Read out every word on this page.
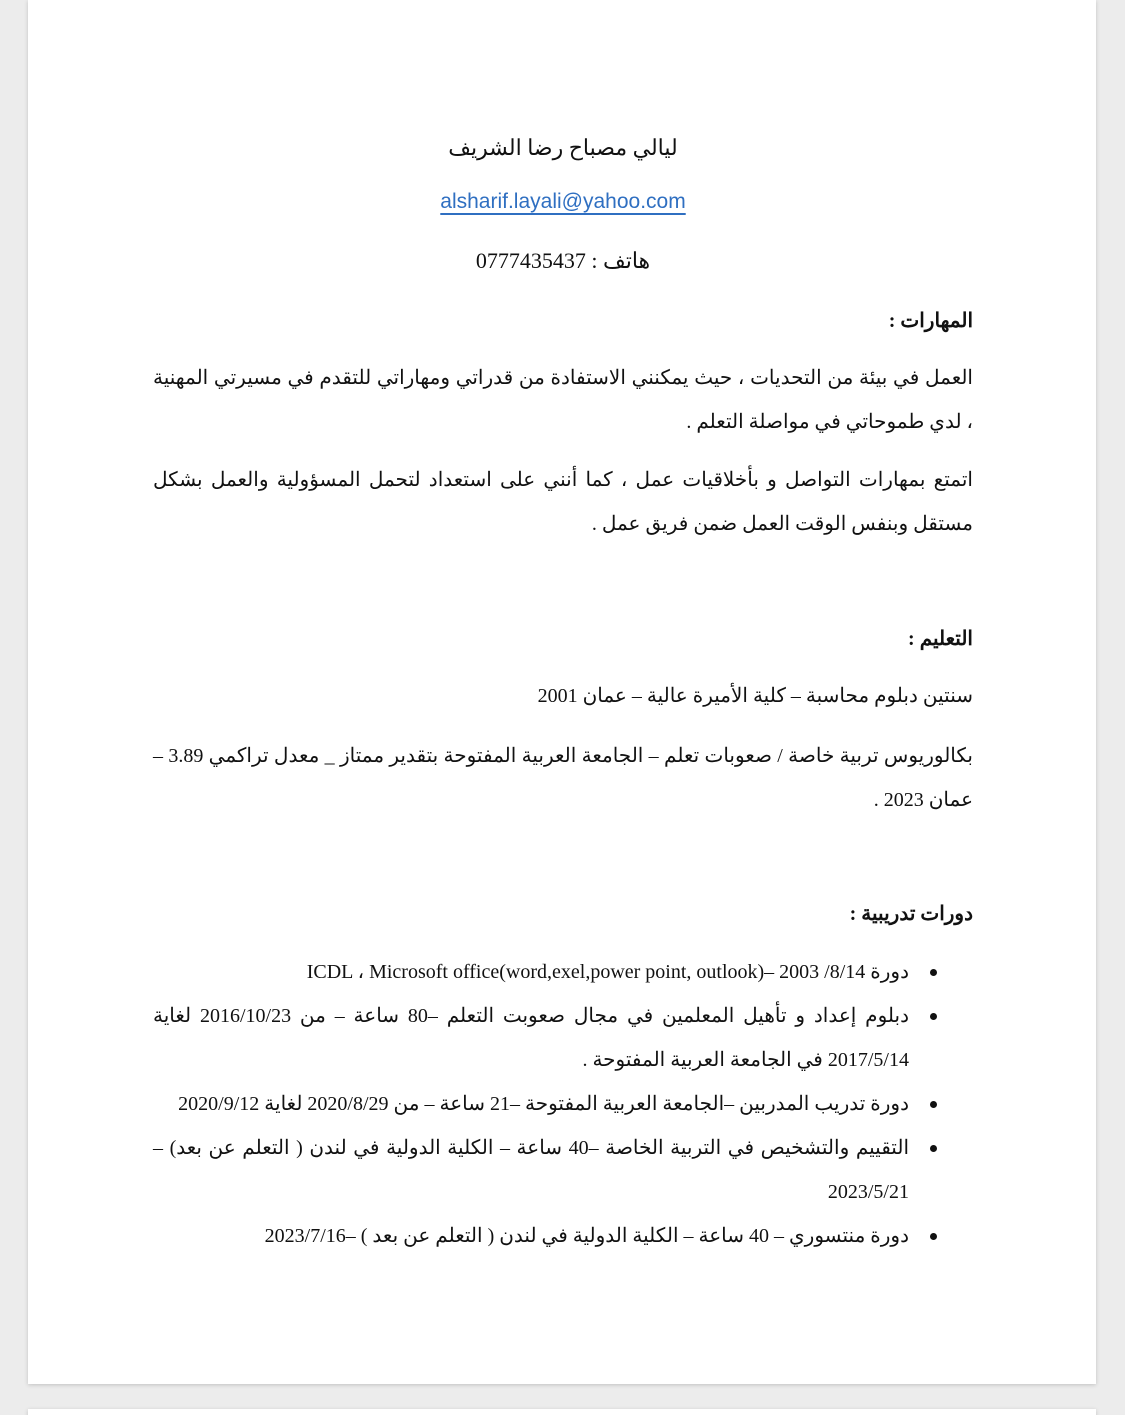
ليالي مصباح رضا الشريف
alsharif.layali@yahoo.com
هاتف : 0777435437
المهارات :
العمل في بيئة من التحديات ، حيث يمكنني الاستفادة من قدراتي ومهاراتي للتقدم في مسيرتي المهنية ، لدي طموحاتي في مواصلة التعلم .
اتمتع بمهارات التواصل و بأخلاقيات عمل ، كما أنني على استعداد لتحمل المسؤولية والعمل بشكل مستقل وبنفس الوقت العمل ضمن فريق عمل .
التعليم :
سنتين دبلوم محاسبة – كلية الأميرة عالية – عمان 2001
بكالوريوس تربية خاصة / صعوبات تعلم – الجامعة العربية المفتوحة بتقدير ممتاز _ معدل تراكمي 3.89 – عمان 2023 .
دورات تدريبية :
دورة ICDL ، Microsoft office(word,exel,power point, outlook)– 2003 /8/14
دبلوم إعداد و تأهيل المعلمين في مجال صعوبت التعلم –80 ساعة – من 2016/10/23 لغاية 2017/5/14 في الجامعة العربية المفتوحة .
دورة تدريب المدربين –الجامعة العربية المفتوحة –21 ساعة – من 2020/8/29 لغاية 2020/9/12
التقييم والتشخيص في التربية الخاصة –40 ساعة – الكلية الدولية في لندن ( التعلم عن بعد) – 2023/5/21
دورة منتسوري – 40 ساعة – الكلية الدولية في لندن ( التعلم عن بعد ) –2023/7/16
